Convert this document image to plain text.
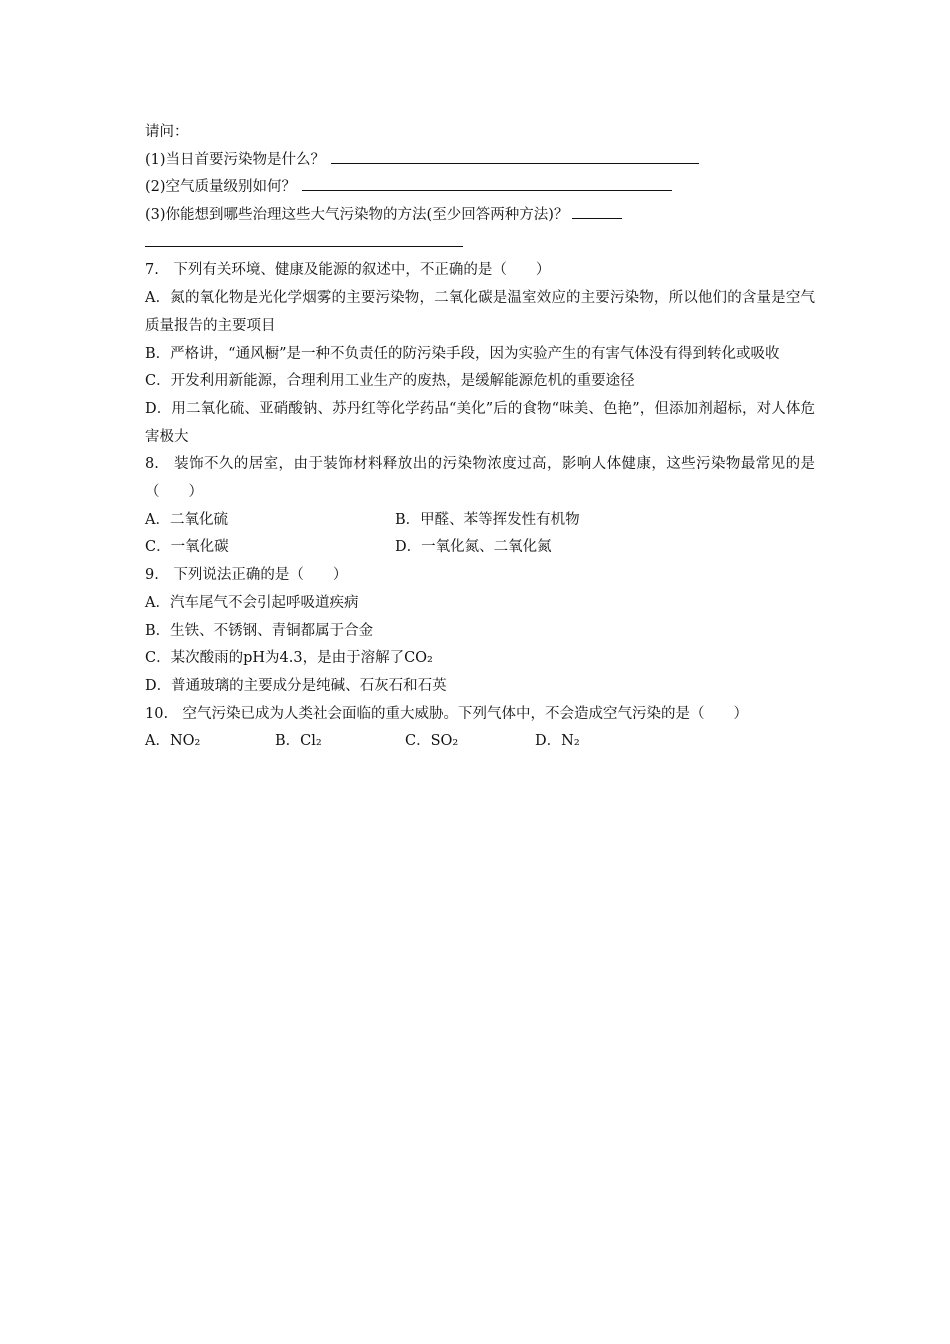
请问：
(1)当日首要污染物是什么？
(2)空气质量级别如何？
(3)你能想到哪些治理这些大气污染物的方法(至少回答两种方法)？
7.　下列有关环境、健康及能源的叙述中，不正确的是（　　）
A．氮的氧化物是光化学烟雾的主要污染物，二氧化碳是温室效应的主要污染物，所以他们的含量是空气质量报告的主要项目
B．严格讲，“通风橱”是一种不负责任的防污染手段，因为实验产生的有害气体没有得到转化或吸收
C．开发利用新能源，合理利用工业生产的废热，是缓解能源危机的重要途径
D．用二氧化硫、亚硝酸钠、苏丹红等化学药品“美化”后的食物“味美、色艳”，但添加剂超标，对人体危害极大
8.　装饰不久的居室，由于装饰材料释放出的污染物浓度过高，影响人体健康，这些污染物最常见的是（　　）
A．二氧化硫	B．甲醛、苯等挥发性有机物
C．一氧化碳	D．一氧化氮、二氧化氮
9.　下列说法正确的是（　　）
A．汽车尾气不会引起呼吸道疾病
B．生铁、不锈钢、青铜都属于合金
C．某次酸雨的pH为4.3，是由于溶解了CO₂
D．普通玻璃的主要成分是纯碱、石灰石和石英
10.　空气污染已成为人类社会面临的重大威胁。下列气体中，不会造成空气污染的是（　　）
A．NO₂	B．Cl₂	C．SO₂	D．N₂
